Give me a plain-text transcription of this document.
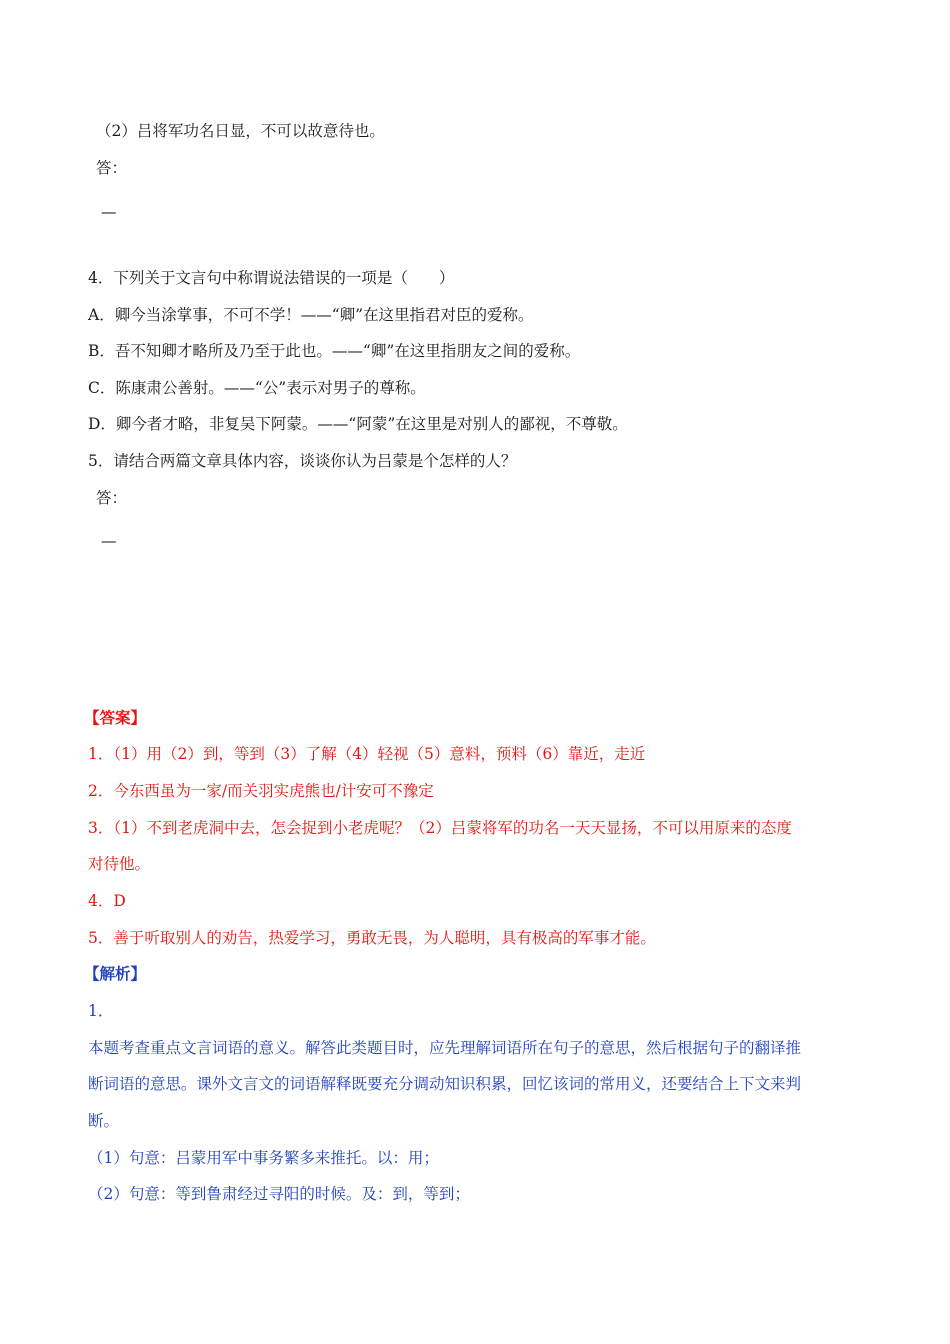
（2）吕将军功名日显，不可以故意待也。
答：
—
4．下列关于文言句中称谓说法错误的一项是（　　）
A．卿今当涂掌事，不可不学！——“卿”在这里指君对臣的爱称。
B．吾不知卿才略所及乃至于此也。——“卿”在这里指朋友之间的爱称。
C．陈康肃公善射。——“公”表示对男子的尊称。
D．卿今者才略，非复吴下阿蒙。——“阿蒙”在这里是对别人的鄙视，不尊敬。
5．请结合两篇文章具体内容，谈谈你认为吕蒙是个怎样的人？
答：
—
【答案】
1．（1）用（2）到，等到（3）了解（4）轻视（5）意料，预料（6）靠近，走近
2．今东西虽为一家/而关羽实虎熊也/计安可不豫定
3．（1）不到老虎洞中去，怎会捉到小老虎呢？（2）吕蒙将军的功名一天天显扬，不可以用原来的态度
对待他。
4．D
5．善于听取别人的劝告，热爱学习，勇敢无畏，为人聪明，具有极高的军事才能。
【解析】
1．
本题考查重点文言词语的意义。解答此类题目时，应先理解词语所在句子的意思，然后根据句子的翻译推
断词语的意思。课外文言文的词语解释既要充分调动知识积累，回忆该词的常用义，还要结合上下文来判
断。
（1）句意：吕蒙用军中事务繁多来推托。以：用；
（2）句意：等到鲁肃经过寻阳的时候。及：到，等到；
